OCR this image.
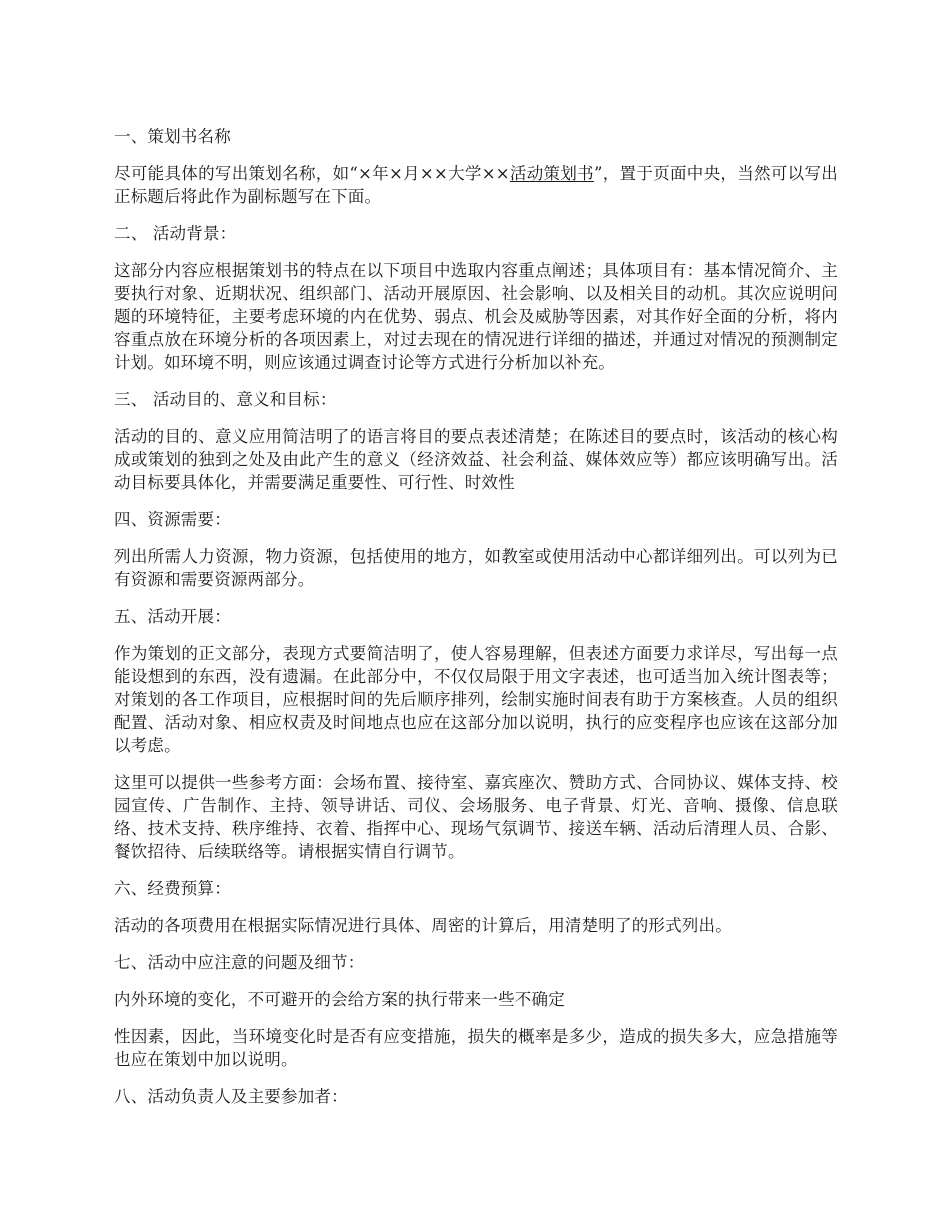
一、策划书名称

尽可能具体的写出策划名称，如“×年×月××大学××活动策划书”，置于页面中央，当然可以写出正标题后将此作为副标题写在下面。

二、 活动背景：

这部分内容应根据策划书的特点在以下项目中选取内容重点阐述；具体项目有：基本情况简介、主要执行对象、近期状况、组织部门、活动开展原因、社会影响、以及相关目的动机。其次应说明问题的环境特征，主要考虑环境的内在优势、弱点、机会及威胁等因素，对其作好全面的分析，将内容重点放在环境分析的各项因素上，对过去现在的情况进行详细的描述，并通过对情况的预测制定计划。如环境不明，则应该通过调查讨论等方式进行分析加以补充。

三、 活动目的、意义和目标：

活动的目的、意义应用简洁明了的语言将目的要点表述清楚；在陈述目的要点时，该活动的核心构成或策划的独到之处及由此产生的意义（经济效益、社会利益、媒体效应等）都应该明确写出。活动目标要具体化，并需要满足重要性、可行性、时效性

四、资源需要：

列出所需人力资源，物力资源，包括使用的地方，如教室或使用活动中心都详细列出。可以列为已有资源和需要资源两部分。

五、活动开展：

作为策划的正文部分，表现方式要简洁明了，使人容易理解，但表述方面要力求详尽，写出每一点能设想到的东西，没有遗漏。在此部分中，不仅仅局限于用文字表述，也可适当加入统计图表等；对策划的各工作项目，应根据时间的先后顺序排列，绘制实施时间表有助于方案核查。人员的组织配置、活动对象、相应权责及时间地点也应在这部分加以说明，执行的应变程序也应该在这部分加以考虑。

这里可以提供一些参考方面：会场布置、接待室、嘉宾座次、赞助方式、合同协议、媒体支持、校园宣传、广告制作、主持、领导讲话、司仪、会场服务、电子背景、灯光、音响、摄像、信息联络、技术支持、秩序维持、衣着、指挥中心、现场气氛调节、接送车辆、活动后清理人员、合影、餐饮招待、后续联络等。请根据实情自行调节。

六、经费预算：

活动的各项费用在根据实际情况进行具体、周密的计算后，用清楚明了的形式列出。

七、活动中应注意的问题及细节：

内外环境的变化，不可避开的会给方案的执行带来一些不确定

性因素，因此，当环境变化时是否有应变措施，损失的概率是多少，造成的损失多大，应急措施等也应在策划中加以说明。

八、活动负责人及主要参加者：
